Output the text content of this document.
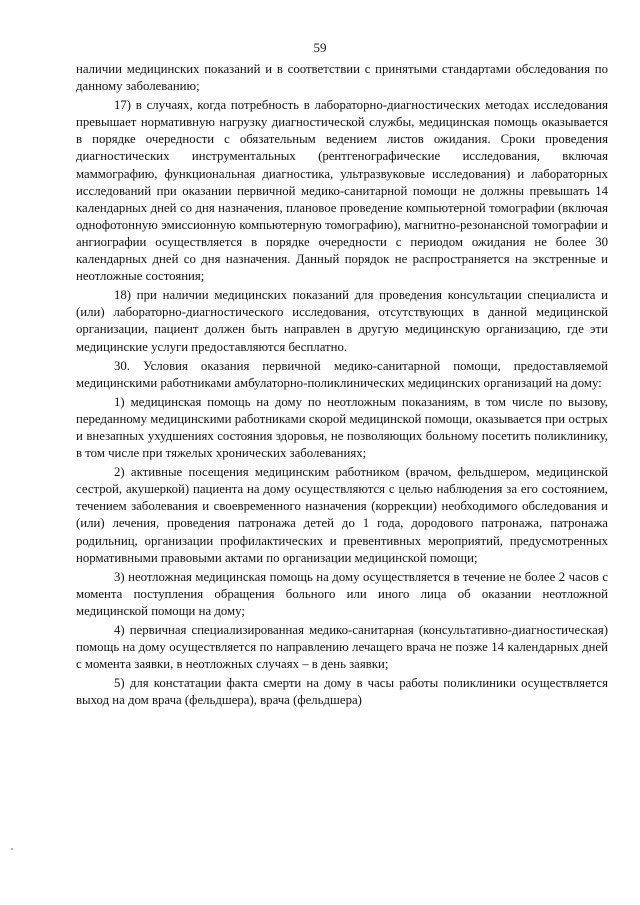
59

наличии медицинских показаний и в соответствии с принятыми стандартами обследования по данному заболеванию;

17) в случаях, когда потребность в лабораторно-диагностических методах исследования превышает нормативную нагрузку диагностической службы, медицинская помощь оказывается в порядке очередности с обязательным ведением листов ожидания. Сроки проведения диагностических инструментальных (рентгенографические исследования, включая маммографию, функциональная диагностика, ультразвуковые исследования) и лабораторных исследований при оказании первичной медико-санитарной помощи не должны превышать 14 календарных дней со дня назначения, плановое проведение компьютерной томографии (включая однофотонную эмиссионную компьютерную томографию), магнитно-резонансной томографии и ангиографии осуществляется в порядке очередности с периодом ожидания не более 30 календарных дней со дня назначения. Данный порядок не распространяется на экстренные и неотложные состояния;

18) при наличии медицинских показаний для проведения консультации специалиста и (или) лабораторно-диагностического исследования, отсутствующих в данной медицинской организации, пациент должен быть направлен в другую медицинскую организацию, где эти медицинские услуги предоставляются бесплатно.

30. Условия оказания первичной медико-санитарной помощи, предоставляемой медицинскими работниками амбулаторно-поликлинических медицинских организаций на дому:

1) медицинская помощь на дому по неотложным показаниям, в том числе по вызову, переданному медицинскими работниками скорой медицинской помощи, оказывается при острых и внезапных ухудшениях состояния здоровья, не позволяющих больному посетить поликлинику, в том числе при тяжелых хронических заболеваниях;

2) активные посещения медицинским работником (врачом, фельдшером, медицинской сестрой, акушеркой) пациента на дому осуществляются с целью наблюдения за его состоянием, течением заболевания и своевременного назначения (коррекции) необходимого обследования и (или) лечения, проведения патронажа детей до 1 года, дородового патронажа, патронажа родильниц, организации профилактических и превентивных мероприятий, предусмотренных нормативными правовыми актами по организации медицинской помощи;

3) неотложная медицинская помощь на дому осуществляется в течение не более 2 часов с момента поступления обращения больного или иного лица об оказании неотложной медицинской помощи на дому;

4) первичная специализированная медико-санитарная (консультативно-диагностическая) помощь на дому осуществляется по направлению лечащего врача не позже 14 календарных дней с момента заявки, в неотложных случаях – в день заявки;

5) для констатации факта смерти на дому в часы работы поликлиники осуществляется выход на дом врача (фельдшера), врача (фельдшера)
